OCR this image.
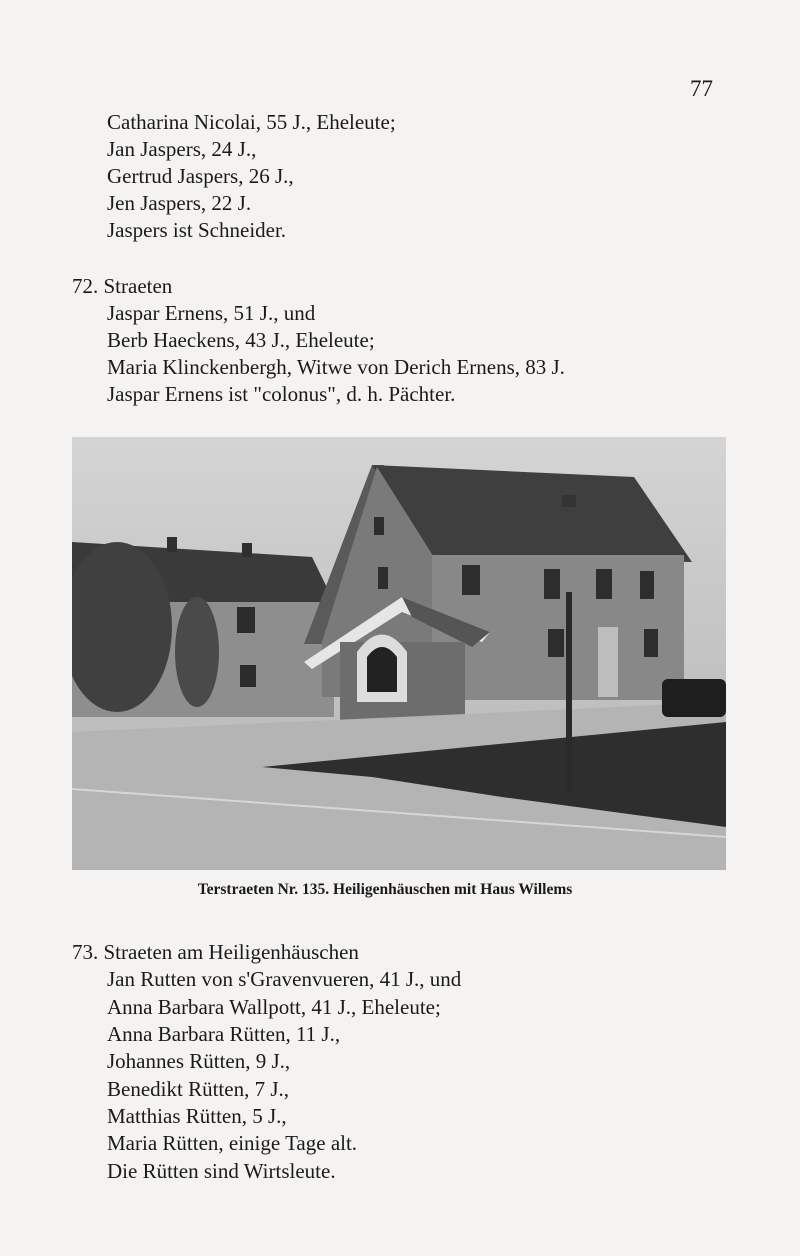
77
Catharina Nicolai, 55 J., Eheleute;
Jan Jaspers, 24 J.,
Gertrud Jaspers, 26 J.,
Jen Jaspers, 22 J.
Jaspers ist Schneider.
72. Straeten
Jaspar Ernens, 51 J., und
Berb Haeckens, 43 J., Eheleute;
Maria Klinckenbergh, Witwe von Derich Ernens, 83 J.
Jaspar Ernens ist "colonus", d. h. Pächter.
Terstraeten Nr. 135. Heiligenhäuschen mit Haus Willems
73. Straeten am Heiligenhäuschen
Jan Rutten von s'Gravenvueren, 41 J., und
Anna Barbara Wallpott, 41 J., Eheleute;
Anna Barbara Rütten, 11 J.,
Johannes Rütten, 9 J.,
Benedikt Rütten, 7 J.,
Matthias Rütten, 5 J.,
Maria Rütten, einige Tage alt.
Die Rütten sind Wirtsleute.
